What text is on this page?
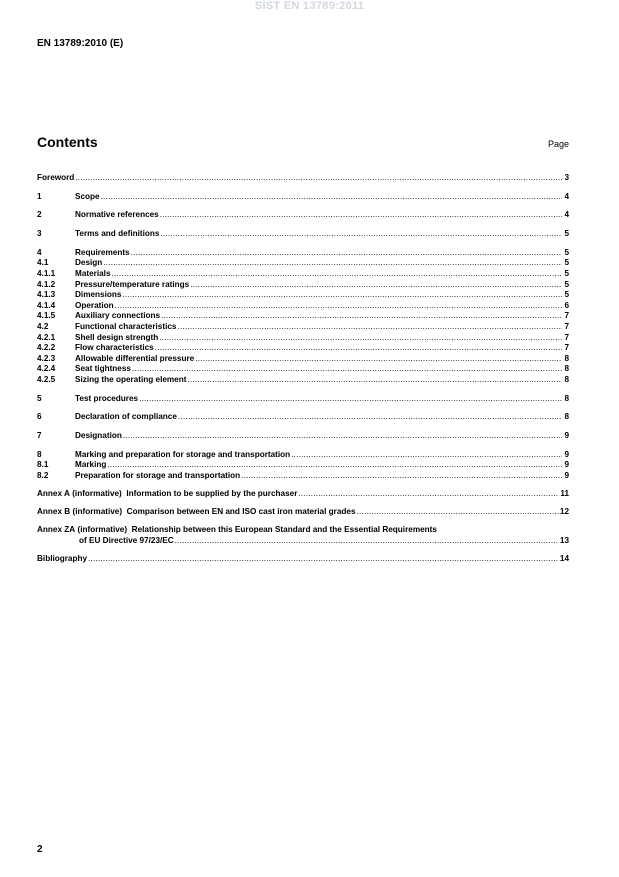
SIST EN 13789:2011
EN 13789:2010 (E)
Contents	Page
Foreword .....	3
1	Scope .....	4
2	Normative references .....	4
3	Terms and definitions .....	5
4	Requirements .....	5
4.1	Design .....	5
4.1.1	Materials .....	5
4.1.2	Pressure/temperature ratings .....	5
4.1.3	Dimensions .....	5
4.1.4	Operation .....	6
4.1.5	Auxiliary connections .....	7
4.2	Functional characteristics .....	7
4.2.1	Shell design strength .....	7
4.2.2	Flow characteristics .....	7
4.2.3	Allowable differential pressure .....	8
4.2.4	Seat tightness .....	8
4.2.5	Sizing the operating element .....	8
5	Test procedures .....	8
6	Declaration of compliance .....	8
7	Designation .....	9
8	Marking and preparation for storage and transportation .....	9
8.1	Marking .....	9
8.2	Preparation for storage and transportation .....	9
Annex A
(informative)
Information to be supplied by the purchaser .....	11
Annex B
(informative)
Comparison between EN and ISO cast iron material grades .....	12
Annex ZA
(informative)
Relationship between this European Standard and the Essential Requirements
of EU Directive 97/23/EC .....	13
Bibliography .....	14
2
